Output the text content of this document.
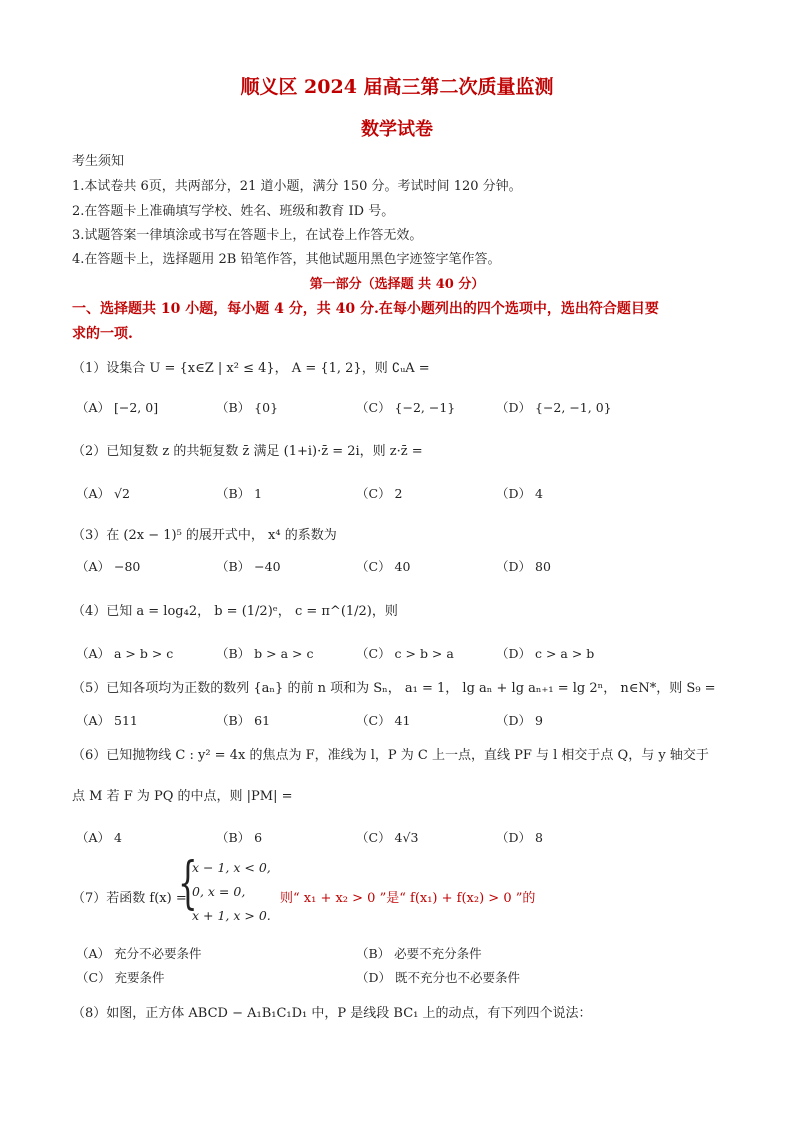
顺义区 2024 届高三第二次质量监测
数学试卷
考生须知
1.本试卷共 6页，共两部分，21 道小题，满分 150 分。考试时间 120 分钟。
2.在答题卡上准确填写学校、姓名、班级和教育 ID 号。
3.试题答案一律填涂或书写在答题卡上，在试卷上作答无效。
4.在答题卡上，选择题用 2B 铅笔作答，其他试题用黑色字迹签字笔作答。
第一部分（选择题 共 40 分）
一、选择题共 10 小题，每小题 4 分，共 40 分.在每小题列出的四个选项中，选出符合题目要
求的一项.
（1）设集合 U = {x∈Z | x² ≤ 4}， A = {1, 2}，则 ∁ᵤA =
（A） [−2, 0]	（B） {0}	（C） {−2, −1}	（D） {−2, −1, 0}
（2）已知复数 z 的共轭复数 z̄ 满足 (1+i)·z̄ = 2i，则 z·z̄ =
（A） √2	（B） 1	（C） 2	（D） 4
（3）在 (2x − 1)⁵ 的展开式中， x⁴ 的系数为
（A） −80	（B） −40	（C） 40	（D） 80
（4）已知 a = log₄2， b = (1/2)ᵉ， c = π^(1/2)，则
（A） a > b > c	（B） b > a > c	（C） c > b > a	（D） c > a > b
（5）已知各项均为正数的数列 {aₙ} 的前 n 项和为 Sₙ， a₁ = 1， lg aₙ + lg aₙ₊₁ = lg 2ⁿ， n∈N*，则 S₉ =
（A） 511	（B） 61	（C） 41	（D） 9
（6）已知抛物线 C : y² = 4x 的焦点为 F，准线为 l，P 为 C 上一点，直线 PF 与 l 相交于点 Q，与 y 轴交于
点 M 若 F 为 PQ 的中点，则 |PM| =
（A） 4	（B） 6	（C） 4√3	（D） 8
（7）若函数 f(x) =
{
x − 1, x < 0,
0, x = 0,
x + 1, x > 0.
则“ x₁ + x₂ > 0 ”是“ f(x₁) + f(x₂) > 0 ”的
（A） 充分不必要条件	（B） 必要不充分条件
（C） 充要条件	（D） 既不充分也不必要条件
（8）如图，正方体 ABCD − A₁B₁C₁D₁ 中，P 是线段 BC₁ 上的动点，有下列四个说法：
